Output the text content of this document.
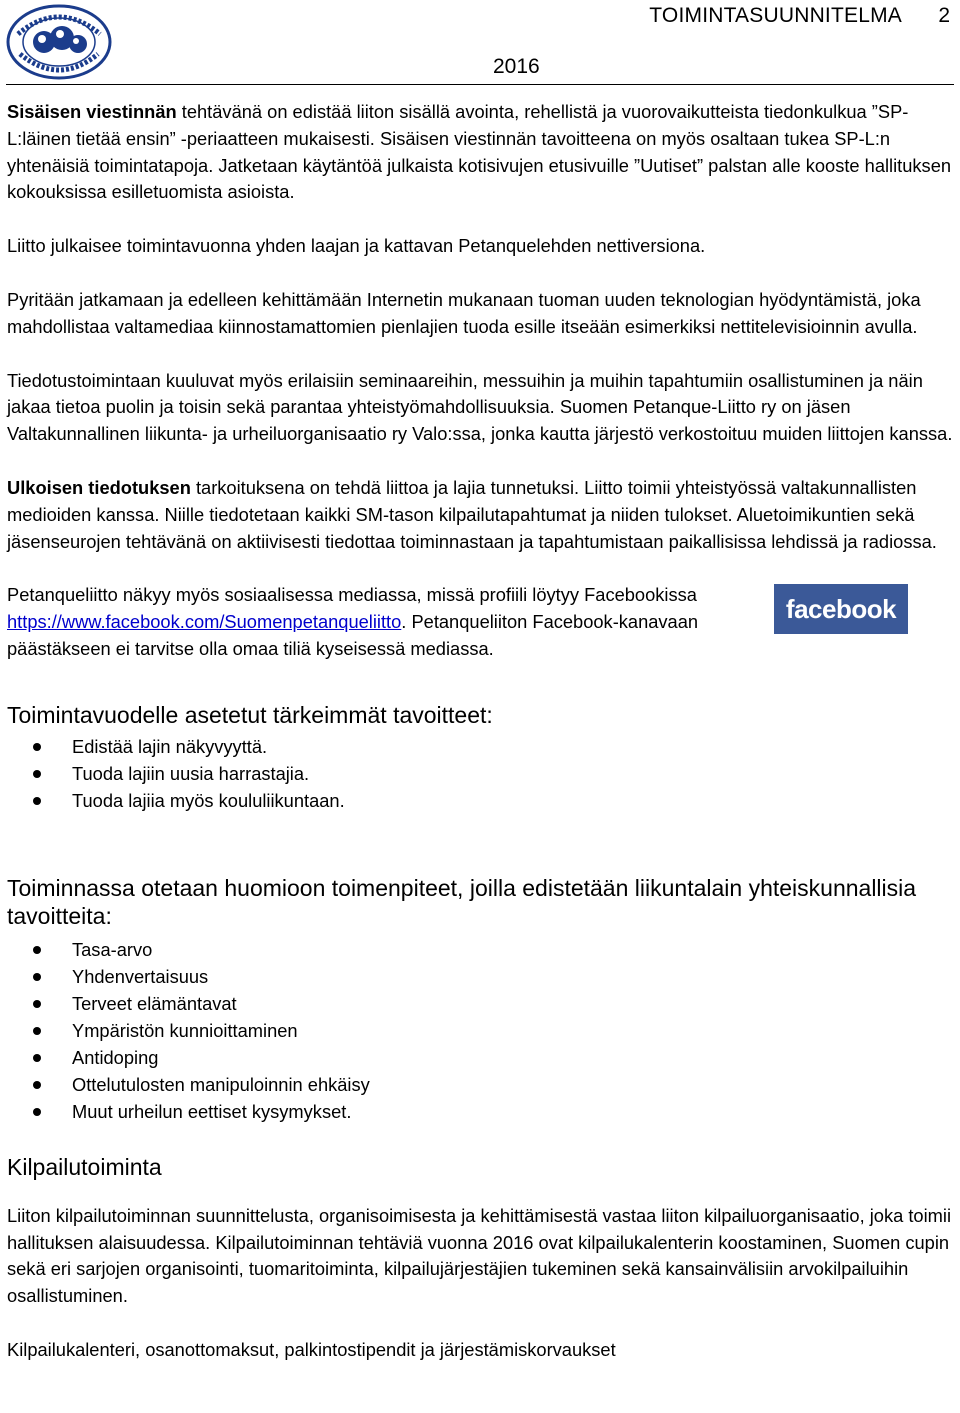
TOIMINTASUUNNITELMA 2
2016

Sisäisen viestinnän tehtävänä on edistää liiton sisällä avointa, rehellistä ja vuorovaikutteista tiedonkulkua ”SP-L:läinen tietää ensin” -periaatteen mukaisesti. Sisäisen viestinnän tavoitteena on myös osaltaan tukea SP-L:n yhtenäisiä toimintatapoja. Jatketaan käytäntöä julkaista kotisivujen etusivuille ”Uutiset” palstan alle kooste hallituksen kokouksissa esilletuomista asioista.

Liitto julkaisee toimintavuonna yhden laajan ja kattavan Petanquelehden nettiversiona.

Pyritään jatkamaan ja edelleen kehittämään Internetin mukanaan tuoman uuden teknologian hyödyntämistä, joka mahdollistaa valtamediaa kiinnostamattomien pienlajien tuoda esille itseään esimerkiksi nettitelevisioinnin avulla.

Tiedotustoimintaan kuuluvat myös erilaisiin seminaareihin, messuihin ja muihin tapahtumiin osallistuminen ja näin jakaa tietoa puolin ja toisin sekä parantaa yhteistyömahdollisuuksia. Suomen Petanque-Liitto ry on jäsen Valtakunnallinen liikunta- ja urheiluorganisaatio ry Valo:ssa, jonka kautta järjestö verkostoituu muiden liittojen kanssa.

Ulkoisen tiedotuksen tarkoituksena on tehdä liittoa ja lajia tunnetuksi. Liitto toimii yhteistyössä valtakunnallisten medioiden kanssa. Niille tiedotetaan kaikki SM-tason kilpailutapahtumat ja niiden tulokset. Aluetoimikuntien sekä jäsenseurojen tehtävänä on aktiivisesti tiedottaa toiminnastaan ja tapahtumistaan paikallisissa lehdissä ja radiossa.

Petanqueliitto näkyy myös sosiaalisessa mediassa, missä profiili löytyy Facebookissa https://www.facebook.com/Suomenpetanqueliitto. Petanqueliiton Facebook-kanavaan päästäkseen ei tarvitse olla omaa tiliä kyseisessä mediassa.

facebook
Toimintavuodelle asetetut tärkeimmät tavoitteet:
Edistää lajin näkyvyyttä.
Tuoda lajiin uusia harrastajia.
Tuoda lajiia myös koululiikuntaan.
Toiminnassa otetaan huomioon toimenpiteet, joilla edistetään liikuntalain yhteiskunnallisia tavoitteita:
Tasa-arvo
Yhdenvertaisuus
Terveet elämäntavat
Ympäristön kunnioittaminen
Antidoping
Ottelutulosten manipuloinnin ehkäisy
Muut urheilun eettiset kysymykset.
Kilpailutoiminta

Liiton kilpailutoiminnan suunnittelusta, organisoimisesta ja kehittämisestä vastaa liiton kilpailuorganisaatio, joka toimii hallituksen alaisuudessa. Kilpailutoiminnan tehtäviä vuonna 2016 ovat kilpailukalenterin koostaminen, Suomen cupin sekä eri sarjojen organisointi, tuomaritoiminta, kilpailujärjestäjien tukeminen sekä kansainvälisiin arvokilpailuihin osallistuminen.

Kilpailukalenteri, osanottomaksut, palkintostipendit ja järjestämiskorvaukset
